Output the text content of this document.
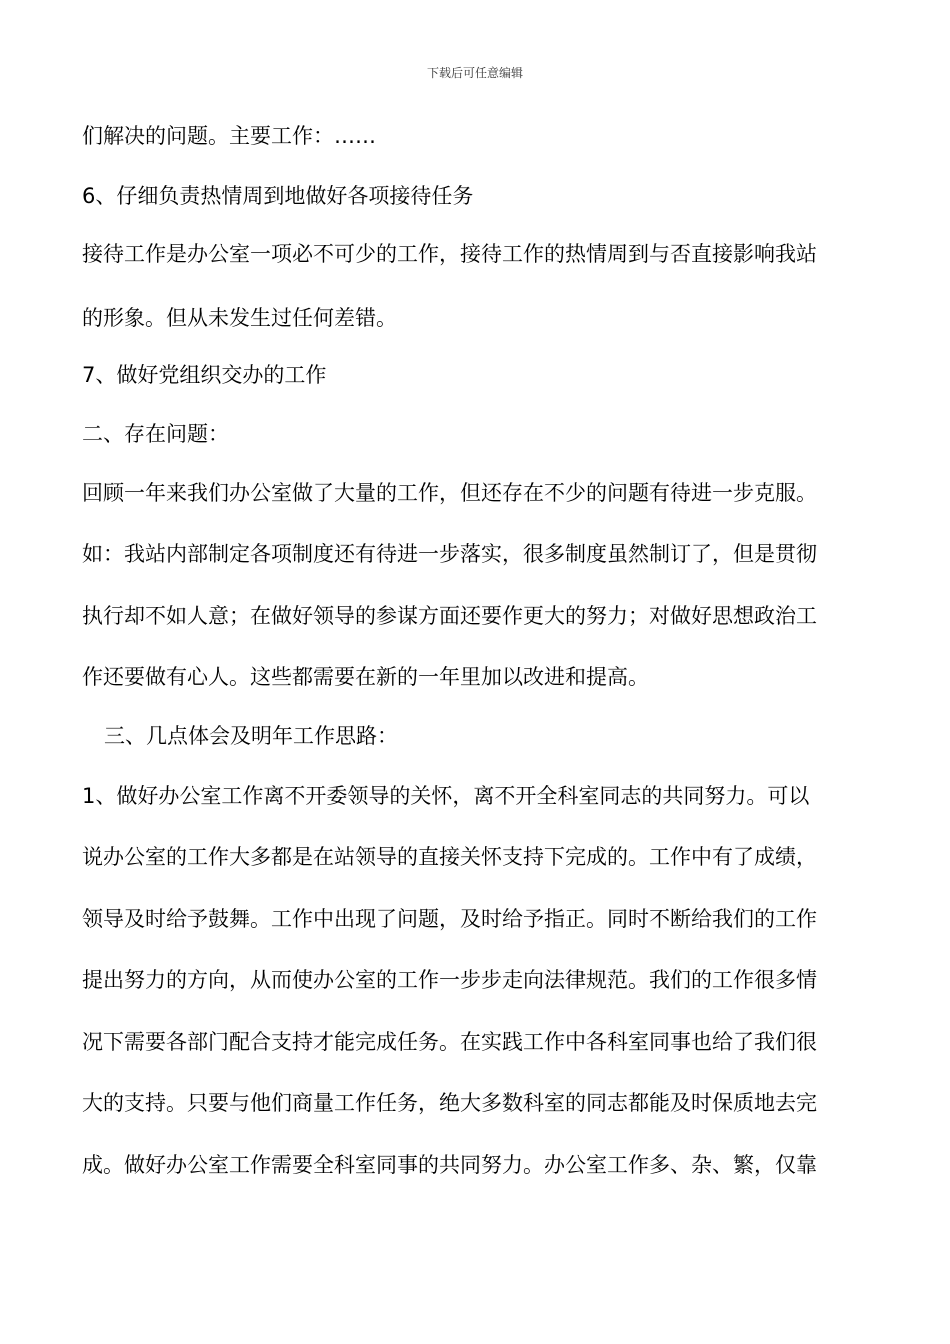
下载后可任意编辑
们解决的问题。主要工作：……
6、仔细负责热情周到地做好各项接待任务
接待工作是办公室一项必不可少的工作，接待工作的热情周到与否直接影响我站
的形象。但从未发生过任何差错。
7、做好党组织交办的工作
二、存在问题：
回顾一年来我们办公室做了大量的工作，但还存在不少的问题有待进一步克服。
如：我站内部制定各项制度还有待进一步落实，很多制度虽然制订了，但是贯彻
执行却不如人意；在做好领导的参谋方面还要作更大的努力；对做好思想政治工
作还要做有心人。这些都需要在新的一年里加以改进和提高。
三、几点体会及明年工作思路：
1、做好办公室工作离不开委领导的关怀，离不开全科室同志的共同努力。可以
说办公室的工作大多都是在站领导的直接关怀支持下完成的。工作中有了成绩，
领导及时给予鼓舞。工作中出现了问题，及时给予指正。同时不断给我们的工作
提出努力的方向，从而使办公室的工作一步步走向法律规范。我们的工作很多情
况下需要各部门配合支持才能完成任务。在实践工作中各科室同事也给了我们很
大的支持。只要与他们商量工作任务，绝大多数科室的同志都能及时保质地去完
成。做好办公室工作需要全科室同事的共同努力。办公室工作多、杂、繁，仅靠
